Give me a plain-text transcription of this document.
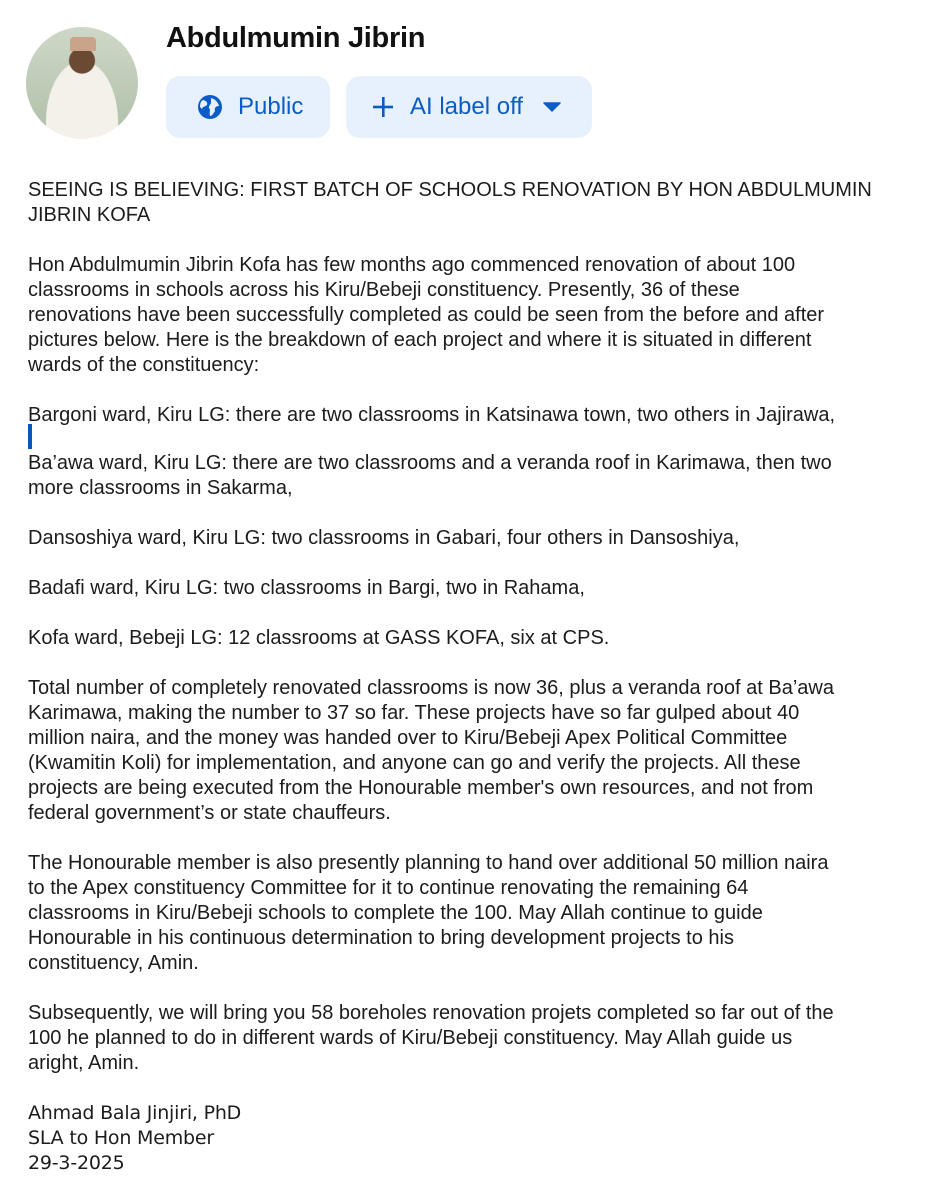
Abdulmumin Jibrin
Public	AI label off
SEEING IS BELIEVING: FIRST BATCH OF SCHOOLS RENOVATION BY HON ABDULMUMIN
JIBRIN KOFA
Hon Abdulmumin Jibrin Kofa has few months ago commenced renovation of about 100
classrooms in schools across his Kiru/Bebeji constituency. Presently, 36 of these
renovations have been successfully completed as could be seen from the before and after
pictures below. Here is the breakdown of each project and where it is situated in different
wards of the constituency:
Bargoni ward, Kiru LG: there are two classrooms in Katsinawa town, two others in Jajirawa,
Ba’awa ward, Kiru LG: there are two classrooms and a veranda roof in Karimawa, then two
more classrooms in Sakarma,
Dansoshiya ward, Kiru LG: two classrooms in Gabari, four others in Dansoshiya,
Badafi ward, Kiru LG: two classrooms in Bargi, two in Rahama,
Kofa ward, Bebeji LG: 12 classrooms at GASS KOFA, six at CPS.
Total number of completely renovated classrooms is now 36, plus a veranda roof at Ba’awa
Karimawa, making the number to 37 so far. These projects have so far gulped about 40
million naira, and the money was handed over to Kiru/Bebeji Apex Political Committee
(Kwamitin Koli) for implementation, and anyone can go and verify the projects. All these
projects are being executed from the Honourable member's own resources, and not from
federal government’s or state chauffeurs.
The Honourable member is also presently planning to hand over additional 50 million naira
to the Apex constituency Committee for it to continue renovating the remaining 64
classrooms in Kiru/Bebeji schools to complete the 100. May Allah continue to guide
Honourable in his continuous determination to bring development projects to his
constituency, Amin.
Subsequently, we will bring you 58 boreholes renovation projets completed so far out of the
100 he planned to do in different wards of Kiru/Bebeji constituency. May Allah guide us
aright, Amin.
Ahmad Bala Jinjiri, PhD
SLA to Hon Member
29-3-2025
